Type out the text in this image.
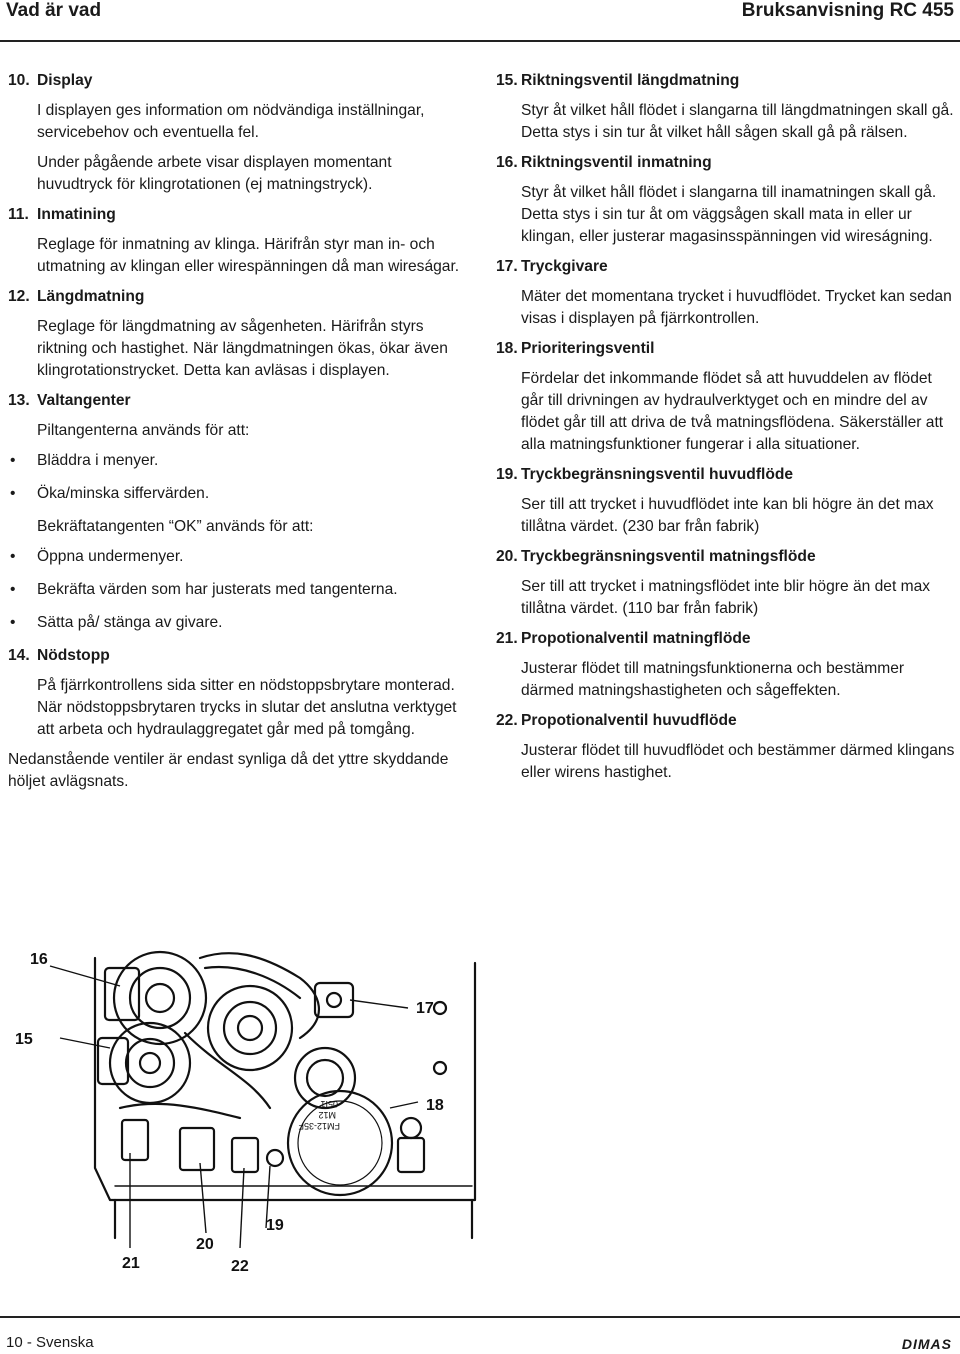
Vad är vad	Bruksanvisning RC 455
10. Display
I displayen ges information om nödvändiga inställningar, servicebehov och eventuella fel.
Under pågående arbete visar displayen momentant huvudtryck för klingrotationen (ej matningstryck).
11. Inmatining
Reglage för inmatning av klinga. Härifrån styr man in- och utmatning av klingan eller wirespänningen då man wireságar.
12. Längdmatning
Reglage för längdmatning av sågenheten. Härifrån styrs riktning och hastighet. När längdmatningen ökas, ökar även klingrotationstrycket. Detta kan avläsas i displayen.
13. Valtangenter
Piltangenterna används för att:
•	Bläddra i menyer.
•	Öka/minska siffervärden.
Bekräftatangenten “OK” används för att:
•	Öppna undermenyer.
•	Bekräfta värden som har justerats med tangenterna.
•	Sätta på/ stänga av givare.
14. Nödstopp
På fjärrkontrollens sida sitter en nödstoppsbrytare monterad. När nödstoppsbrytaren trycks in slutar det anslutna verktyget att arbeta och hydraulaggregatet går med på tomgång.
Nedanstående ventiler är endast synliga då det yttre skyddande höljet avlägsnats.
15. Riktningsventil längdmatning
Styr åt vilket håll flödet i slangarna till längdmatningen skall gå. Detta stys i sin tur åt vilket håll sågen skall gå på rälsen.
16. Riktningsventil inmatning
Styr åt vilket håll flödet i slangarna till inamatningen skall gå. Detta stys i sin tur åt om väggsågen skall mata in eller ur klingan, eller justerar magasinsspänningen vid wireságning.
17. Tryckgivare
Mäter det momentana trycket i huvudflödet. Trycket kan sedan visas i displayen på fjärrkontrollen.
18. Prioriteringsventil
Fördelar det inkommande flödet så att huvuddelen av flödet går till drivningen av hydraulverktyget och en mindre del av flödet går till att driva de två matningsflödena. Säkerställer att alla matningsfunktioner fungerar i alla situationer.
19. Tryckbegränsningsventil huvudflöde
Ser till att trycket i huvudflödet inte kan bli högre än det max tillåtna värdet. (230 bar från fabrik)
20. Tryckbegränsningsventil matningsflöde
Ser till att trycket i matningsflödet inte blir högre än det max tillåtna värdet. (110 bar från fabrik)
21. Propotionalventil matningflöde
Justerar flödet till matningsfunktionerna och bestämmer därmed matningshastigheten och sågeffekten.
22. Propotionalventil huvudflöde
Justerar flödet till huvudflödet och bestämmer därmed klingans eller wirens hastighet.
FM12-35F
M12
05I1
16
15
17
18
21
20
22
19
10 - Svenska	DIMAS
